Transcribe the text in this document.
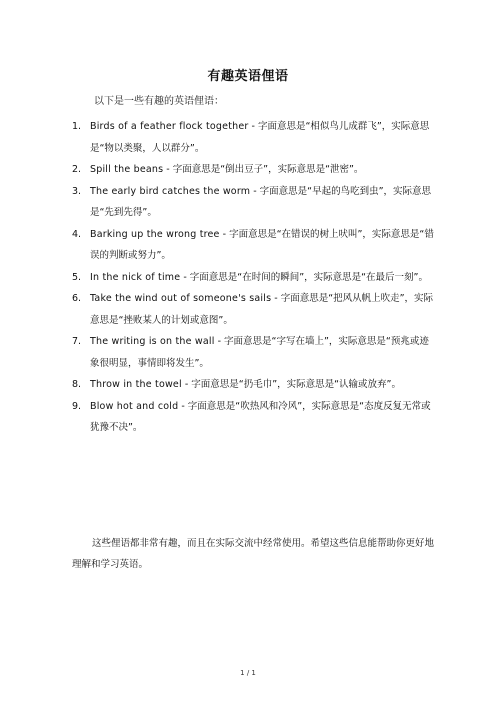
有趣英语俚语
以下是一些有趣的英语俚语：
1. Birds of a feather flock together - 字面意思是“相似鸟儿成群飞”，实际意思是“物以类聚，人以群分”。
2. Spill the beans - 字面意思是“倒出豆子”，实际意思是“泄密”。
3. The early bird catches the worm - 字面意思是“早起的鸟吃到虫”，实际意思是“先到先得”。
4. Barking up the wrong tree - 字面意思是“在错误的树上吠叫”，实际意思是“错误的判断或努力”。
5. In the nick of time - 字面意思是“在时间的瞬间”，实际意思是“在最后一刻”。
6. Take the wind out of someone's sails - 字面意思是“把风从帆上吹走”，实际意思是“挫败某人的计划或意图”。
7. The writing is on the wall - 字面意思是“字写在墙上”，实际意思是“预兆或迹象很明显，事情即将发生”。
8. Throw in the towel - 字面意思是“扔毛巾”，实际意思是“认输或放弃”。
9. Blow hot and cold - 字面意思是“吹热风和冷风”，实际意思是“态度反复无常或犹豫不决”。
这些俚语都非常有趣，而且在实际交流中经常使用。希望这些信息能帮助你更好地理解和学习英语。
1 / 1
